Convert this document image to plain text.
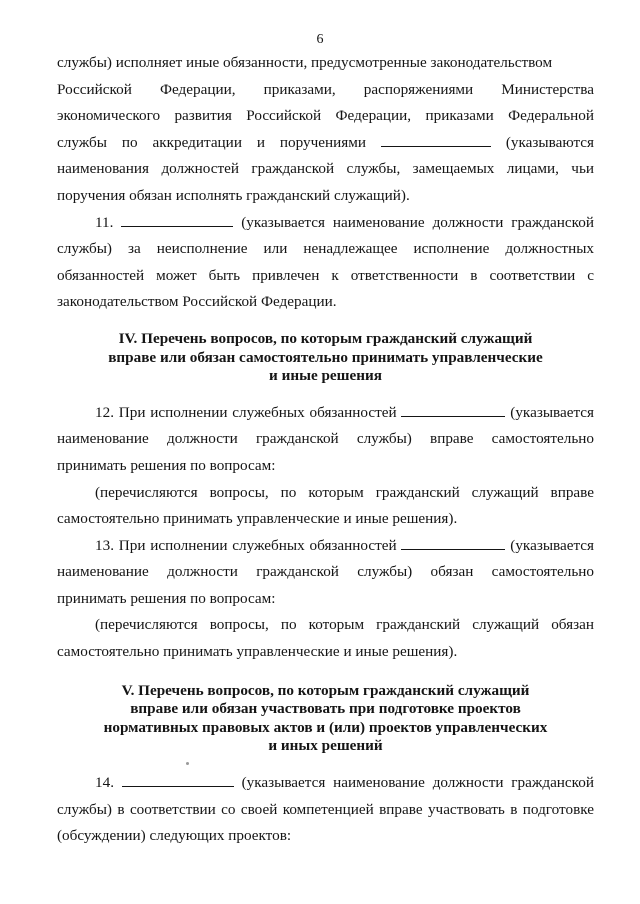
6

службы) исполняет иные обязанности, предусмотренные законодательством

Российской Федерации, приказами, распоряжениями Министерства

экономического развития Российской Федерации, приказами Федеральной службы по аккредитации и поручениями	(указываются наименования должностей гражданской службы, замещаемых лицами, чьи поручения обязан исполнять гражданский служащий).

11.	(указывается наименование должности гражданской службы) за неисполнение или ненадлежащее исполнение должностных обязанностей может быть привлечен к ответственности в соответствии с законодательством Российской Федерации.

IV. Перечень вопросов, по которым гражданский служащий

вправе или обязан самостоятельно принимать управленческие

и иные решения

12. При исполнении служебных обязанностей	(указывается наименование должности гражданской службы) вправе самостоятельно принимать решения по вопросам:

(перечисляются вопросы, по которым гражданский служащий вправе самостоятельно принимать управленческие и иные решения).

13. При исполнении служебных обязанностей	(указывается наименование должности гражданской службы) обязан самостоятельно принимать решения по вопросам:

(перечисляются вопросы, по которым гражданский служащий обязан самостоятельно принимать управленческие и иные решения).

V. Перечень вопросов, по которым гражданский служащий

вправе или обязан участвовать при подготовке проектов

нормативных правовых актов и (или) проектов управленческих

и иных решений

14.	(указывается наименование должности гражданской службы) в соответствии со своей компетенцией вправе участвовать в подготовке (обсуждении) следующих проектов:
